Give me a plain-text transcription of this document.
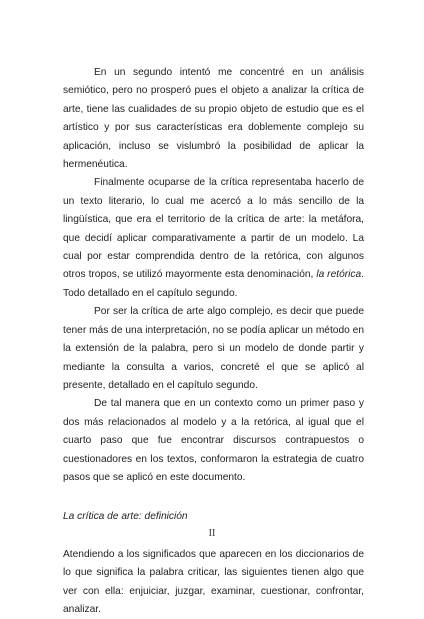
En un segundo intentó me concentré en un análisis semiótico, pero no prosperó pues el objeto a analizar la crítica de arte, tiene las cualidades de su propio objeto de estudio que es el artístico y por sus características era doblemente complejo su aplicación, incluso se vislumbró la posibilidad de aplicar la hermenéutica.

Finalmente ocuparse de la crítica representaba hacerlo de un texto literario, lo cual me acercó a lo más sencillo de la lingüística, que era el territorio de la crítica de arte: la metáfora, que decidí aplicar comparativamente a partir de un modelo. La cual por estar comprendida dentro de la retórica, con algunos otros tropos, se utilizó mayormente esta denominación, la retórica. Todo detallado en el capítulo segundo.

Por ser la crítica de arte algo complejo, es decir que puede tener más de una interpretación, no se podía aplicar un método en la extensión de la palabra, pero si un modelo de donde partir y mediante la consulta a varios, concreté el que se aplicó al presente, detallado en el capítulo segundo.

De tal manera que en un contexto como un primer paso y dos más relacionados al modelo y a la retórica, al igual que el cuarto paso que fue encontrar discursos contrapuestos o cuestionadores en los textos, conformaron la estrategia de cuatro pasos que se aplicó en este documento.

La crítica de arte: definición

Atendiendo a los significados que aparecen en los diccionarios de lo que significa la palabra criticar, las siguientes tienen algo que ver con ella: enjuiciar, juzgar, examinar, cuestionar, confrontar, analizar.

II
